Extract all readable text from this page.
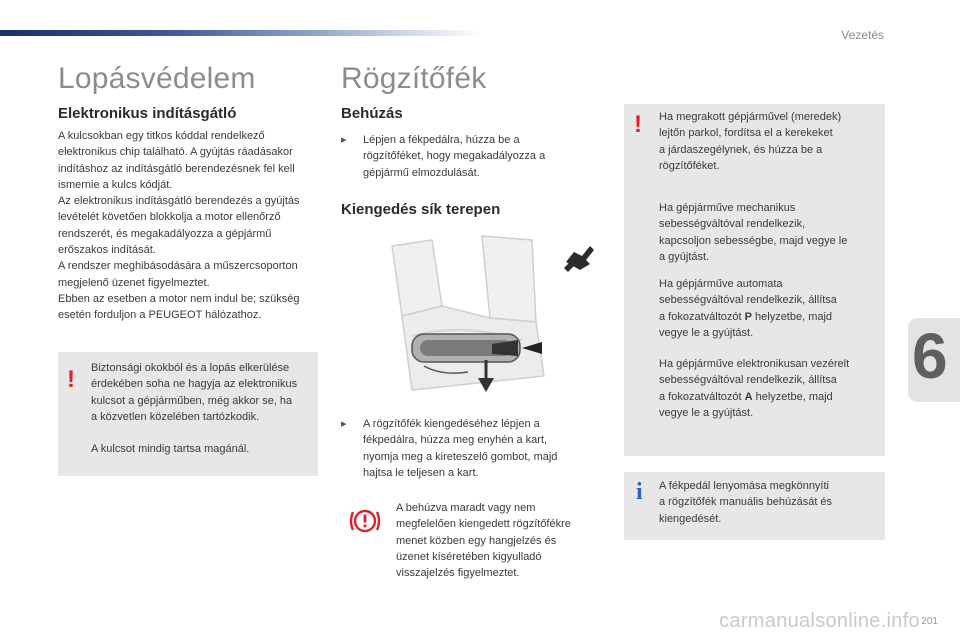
Vezetés
6
Lopásvédelem
Elektronikus indításgátló
A kulcsokban egy titkos kóddal rendelkező
elektronikus chip található. A gyújtás ráadásakor
indításhoz az indításgátló berendezésnek fel kell
ismernie a kulcs kódját.
Az elektronikus indításgátló berendezés a gyújtás
levételét követően blokkolja a motor ellenőrző
rendszerét, és megakadályozza a gépjármű
erőszakos indítását.
A rendszer meghibásodására a műszercsoporton
megjelenő üzenet figyelmeztet.
Ebben az esetben a motor nem indul be; szükség
esetén forduljon a PEUGEOT hálózathoz.
! Biztonsági okokból és a lopás elkerülése
érdekében soha ne hagyja az elektronikus
kulcsot a gépjárműben, még akkor se, ha
a közvetlen közelében tartózkodik.
A kulcsot mindig tartsa magánál.
Rögzítőfék
Behúzás
▸ Lépjen a fékpedálra, húzza be a
rögzítőféket, hogy megakadályozza a
gépjármű elmozdulását.
Kiengedés sík terepen
▸ A rögzítőfék kiengedéséhez lépjen a
fékpedálra, húzza meg enyhén a kart,
nyomja meg a kireteszelő gombot, majd
hajtsa le teljesen a kart.
A behúzva maradt vagy nem
megfelelően kiengedett rögzítőfékre
menet közben egy hangjelzés és
üzenet kíséretében kigyulladó
visszajelzés figyelmeztet.
! Ha megrakott gépjárművel (meredek)
lejtőn parkol, fordítsa el a kerekeket
a járdaszegélynek, és húzza be a
rögzítőféket.
Ha gépjárműve mechanikus
sebességváltóval rendelkezik,
kapcsoljon sebességbe, majd vegye le
a gyújtást.
Ha gépjárműve automata
sebességváltóval rendelkezik, állítsa
a fokozatváltozót P helyzetbe, majd
vegye le a gyújtást.
Ha gépjárműve elektronikusan vezérelt
sebességváltóval rendelkezik, állítsa
a fokozatváltozót A helyzetbe, majd
vegye le a gyújtást.
i A fékpedál lenyomása megkönnyíti
a rögzítőfék manuális behúzását és
kiengedését.
carmanualsonline.info 201
